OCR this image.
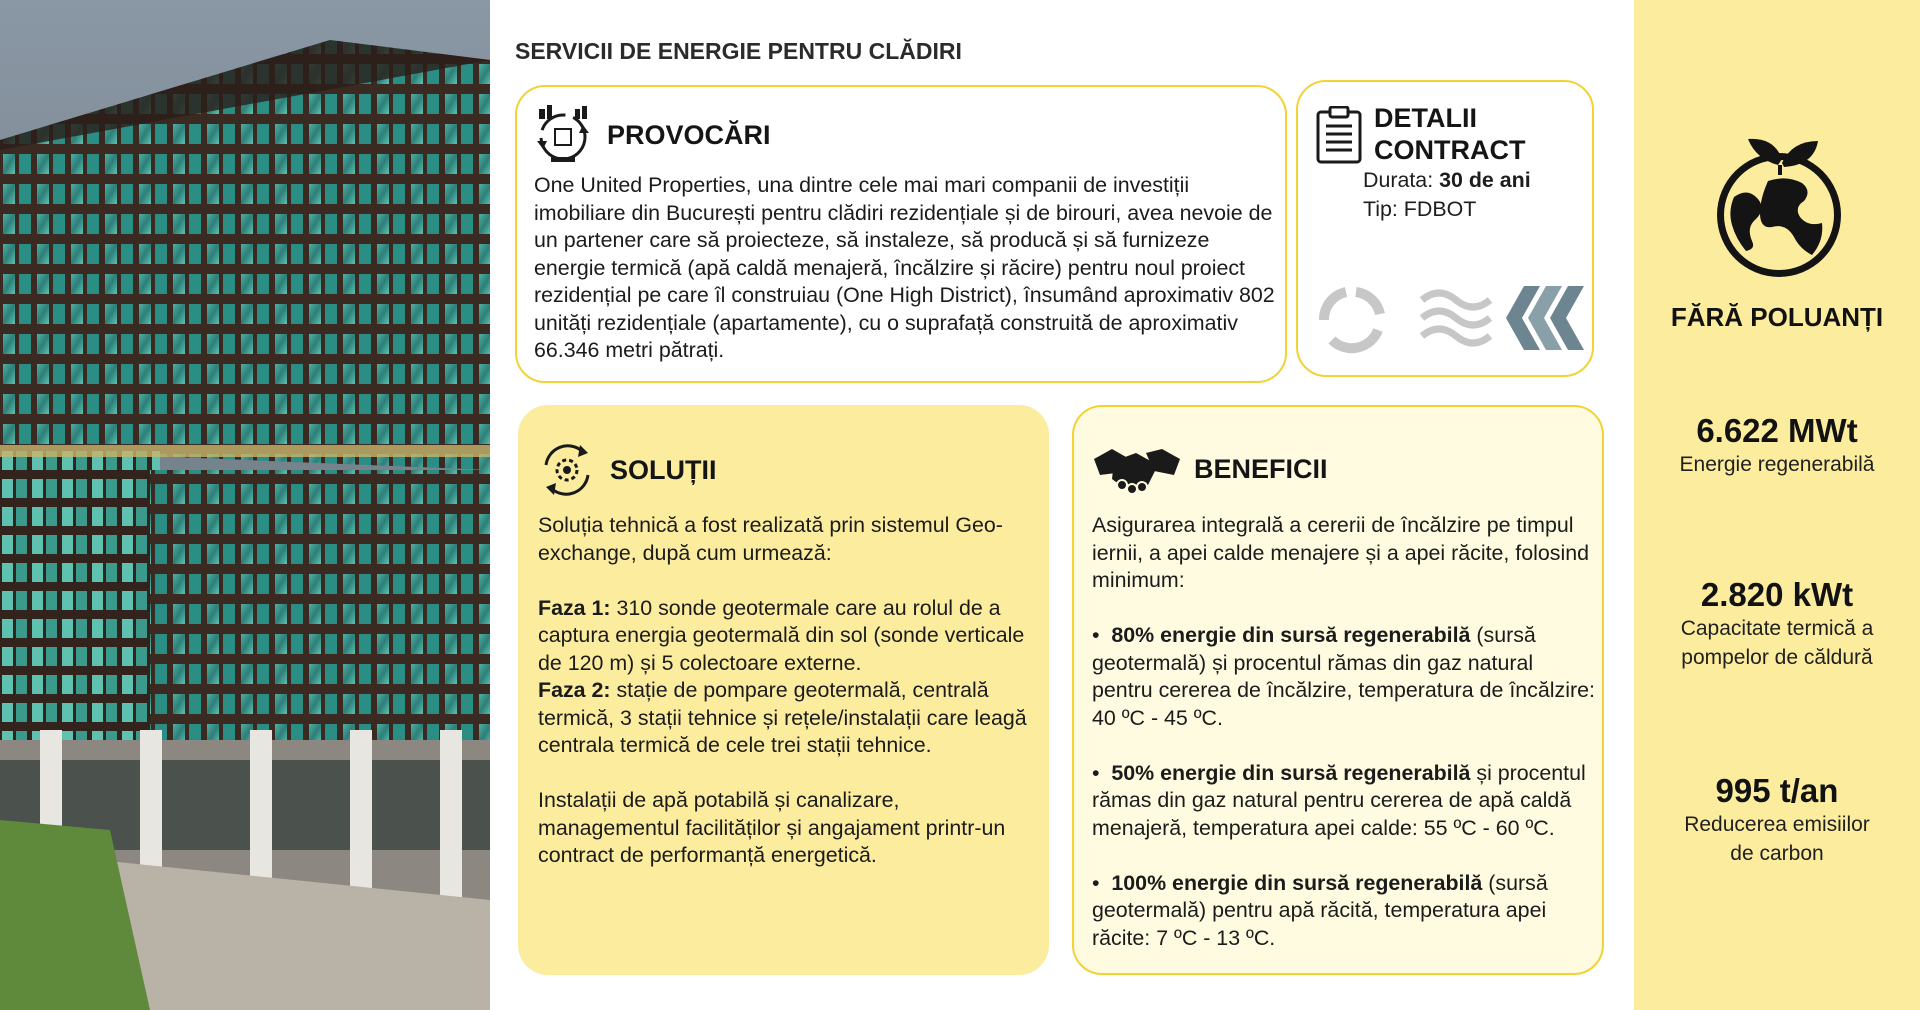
SERVICII DE ENERGIE PENTRU CLĂDIRI
PROVOCĂRI

One United Properties, una dintre cele mai mari companii de investiții imobiliare din București pentru clădiri rezidențiale și de birouri, avea nevoie de un partener care să proiecteze, să instaleze, să producă și să furnizeze energie termică (apă caldă menajeră, încălzire și răcire) pentru noul proiect rezidențial pe care îl construiau (One High District), însumând aproximativ 802 unități rezidențiale (apartamente), cu o suprafață construită de aproximativ 66.346 metri pătrați.

DETALII
CONTRACT
Durata: 30 de ani
Tip: FDBOT
SOLUȚII

Soluția tehnică a fost realizată prin sistemul Geo-exchange, după cum urmează:

Faza 1: 310 sonde geotermale care au rolul de a captura energia geotermală din sol (sonde verticale de 120 m) și 5 colectoare externe.

Faza 2: stație de pompare geotermală, centrală termică, 3 stații tehnice și rețele/instalații care leagă centrala termică de cele trei stații tehnice.

Instalații de apă potabilă și canalizare, managementul facilităților și angajament printr-un contract de performanță energetică.

BENEFICII

Asigurarea integrală a cererii de încălzire pe timpul iernii, a apei calde menajere și a apei răcite, folosind minimum:

• 80% energie din sursă regenerabilă (sursă geotermală) și procentul rămas din gaz natural pentru cererea de încălzire, temperatura de încălzire: 40 ºC - 45 ºC.
• 50% energie din sursă regenerabilă și procentul rămas din gaz natural pentru cererea de apă caldă menajeră, temperatura apei calde: 55 ºC - 60 ºC.
• 100% energie din sursă regenerabilă (sursă geotermală) pentru apă răcită, temperatura apei răcite: 7 ºC - 13 ºC.
FĂRĂ POLUANȚI
6.622 MWt
Energie regenerabilă
2.820 kWt
Capacitate termică a
pompelor de căldură
995 t/an
Reducerea emisiilor
de carbon
